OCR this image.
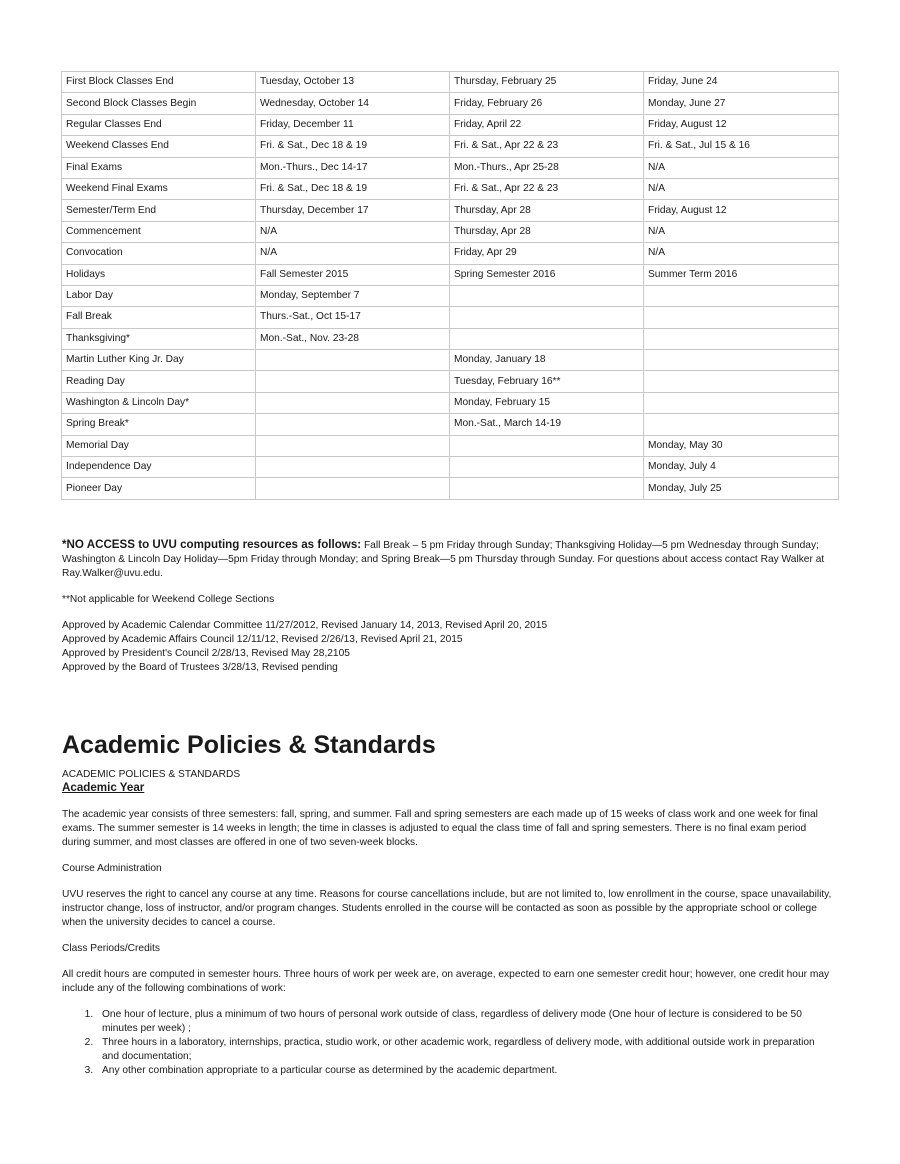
First Block Classes End	Tuesday, October 13	Thursday, February 25	Friday, June 24
Second Block Classes Begin	Wednesday, October 14	Friday, February 26	Monday, June 27
Regular Classes End	Friday, December 11	Friday, April 22	Friday, August 12
Weekend Classes End	Fri. & Sat., Dec 18 & 19	Fri. & Sat., Apr 22 & 23	Fri. & Sat., Jul 15 & 16
Final Exams	Mon.-Thurs., Dec 14-17	Mon.-Thurs., Apr 25-28	N/A
Weekend Final Exams	Fri. & Sat., Dec 18 & 19	Fri. & Sat., Apr 22 & 23	N/A
Semester/Term End	Thursday, December 17	Thursday, Apr 28	Friday, August 12
Commencement	N/A	Thursday, Apr 28	N/A
Convocation	N/A	Friday, Apr 29	N/A
Holidays	Fall Semester 2015	Spring Semester 2016	Summer Term 2016
Labor Day	Monday, September 7		
Fall Break	Thurs.-Sat., Oct 15-17		
Thanksgiving*	Mon.-Sat., Nov. 23-28		
Martin Luther King Jr. Day		Monday, January 18	
Reading Day		Tuesday, February 16**	
Washington & Lincoln Day*		Monday, February 15	
Spring Break*		Mon.-Sat., March 14-19	
Memorial Day			Monday, May 30
Independence Day			Monday, July 4
Pioneer Day			Monday, July 25

*NO ACCESS to UVU computing resources as follows: Fall Break – 5 pm Friday through Sunday; Thanksgiving Holiday—5 pm Wednesday through Sunday; Washington & Lincoln Day Holiday—5pm Friday through Monday; and Spring Break—5 pm Thursday through Sunday. For questions about access contact Ray Walker at Ray.Walker@uvu.edu.

**Not applicable for Weekend College Sections

Approved by Academic Calendar Committee 11/27/2012, Revised January 14, 2013, Revised April 20, 2015

Approved by Academic Affairs Council 12/11/12, Revised 2/26/13, Revised April 21, 2015

Approved by President's Council 2/28/13, Revised May 28,2105

Approved by the Board of Trustees 3/28/13, Revised pending

Academic Policies & Standards
ACADEMIC POLICIES & STANDARDS
Academic Year

The academic year consists of three semesters: fall, spring, and summer. Fall and spring semesters are each made up of 15 weeks of class work and one week for final exams. The summer semester is 14 weeks in length; the time in classes is adjusted to equal the class time of fall and spring semesters. There is no final exam period during summer, and most classes are offered in one of two seven-week blocks.

Course Administration

UVU reserves the right to cancel any course at any time. Reasons for course cancellations include, but are not limited to, low enrollment in the course, space unavailability, instructor change, loss of instructor, and/or program changes. Students enrolled in the course will be contacted as soon as possible by the appropriate school or college when the university decides to cancel a course.

Class Periods/Credits

All credit hours are computed in semester hours. Three hours of work per week are, on average, expected to earn one semester credit hour; however, one credit hour may include any of the following combinations of work:

1. One hour of lecture, plus a minimum of two hours of personal work outside of class, regardless of delivery mode (One hour of lecture is considered to be 50 minutes per week) ;
2. Three hours in a laboratory, internships, practica, studio work, or other academic work, regardless of delivery mode, with additional outside work in preparation and documentation;
3. Any other combination appropriate to a particular course as determined by the academic department.
